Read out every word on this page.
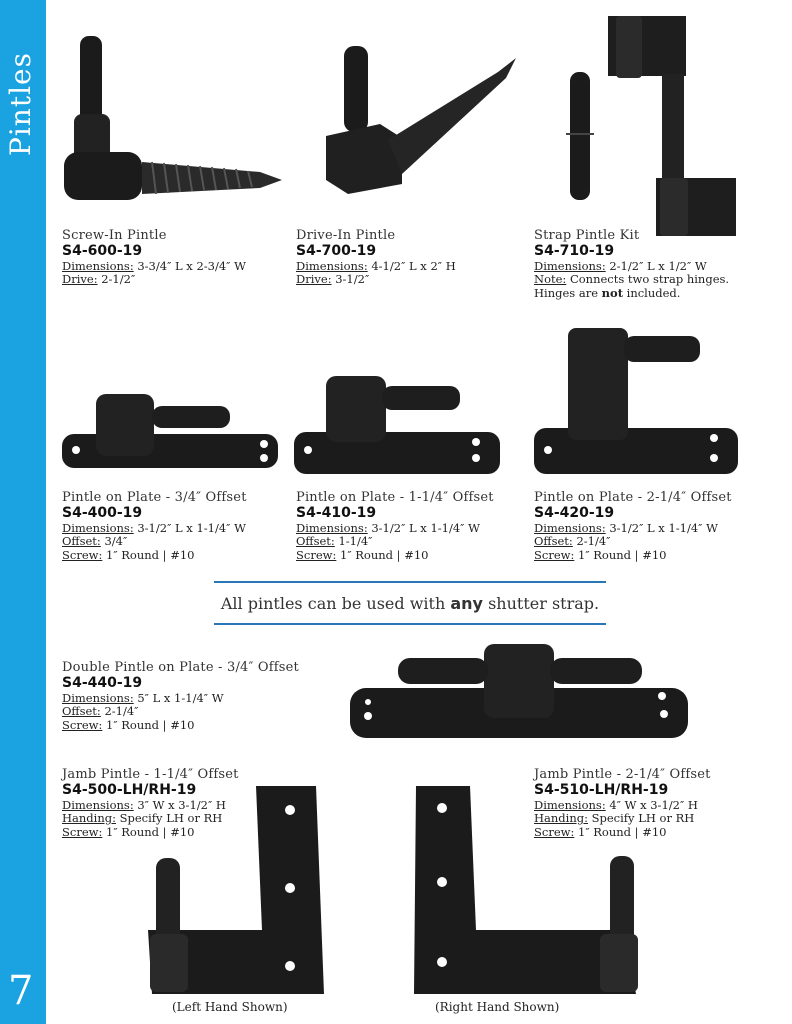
Pintles
7
Screw-In Pintle
S4-600-19
Dimensions: 3-3/4″ L x 2-3/4″ W
Drive: 2-1/2″
Drive-In Pintle
S4-700-19
Dimensions: 4-1/2″ L x 2″ H
Drive: 3-1/2″
Strap Pintle Kit
S4-710-19
Dimensions: 2-1/2″ L x 1/2″ W
Note: Connects two strap hinges.
Hinges are not included.
Pintle on Plate - 3/4″ Offset
S4-400-19
Dimensions: 3-1/2″ L x 1-1/4″ W
Offset: 3/4″
Screw: 1″ Round | #10
Pintle on Plate - 1-1/4″ Offset
S4-410-19
Dimensions: 3-1/2″ L x 1-1/4″ W
Offset: 1-1/4″
Screw: 1″ Round | #10
Pintle on Plate - 2-1/4″ Offset
S4-420-19
Dimensions: 3-1/2″ L x 1-1/4″ W
Offset: 2-1/4″
Screw: 1″ Round | #10
All pintles can be used with any shutter strap.
Double Pintle on Plate - 3/4″ Offset
S4-440-19
Dimensions: 5″ L x 1-1/4″ W
Offset: 2-1/4″
Screw: 1″ Round | #10
Jamb Pintle - 1-1/4″ Offset
S4-500-LH/RH-19
Dimensions: 3″ W x 3-1/2″ H
Handing: Specify LH or RH
Screw: 1″ Round | #10
Jamb Pintle - 2-1/4″ Offset
S4-510-LH/RH-19
Dimensions: 4″ W x 3-1/2″ H
Handing: Specify LH or RH
Screw: 1″ Round | #10
(Left Hand Shown)	(Right Hand Shown)
